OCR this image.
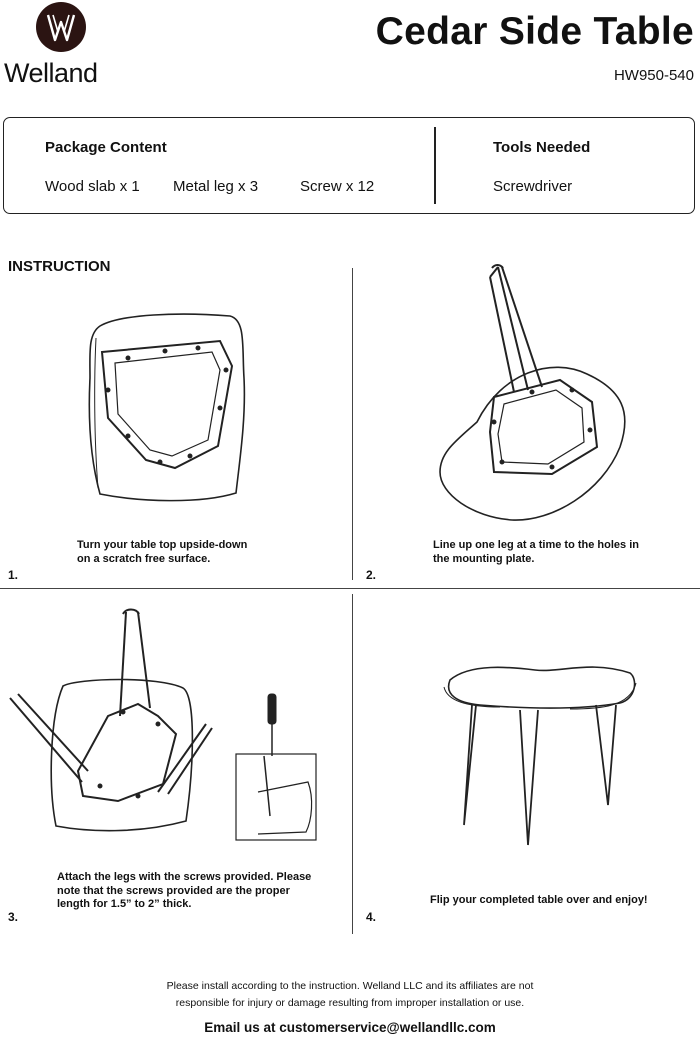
Welland
Cedar Side Table
HW950-540
Package Content
Wood slab x 1 Metal leg x 3	Screw x 12
Tools Needed
Screwdriver
INSTRUCTION
Turn your table top upside-down
on a scratch free surface.
1.
Line up one leg at a time to the holes in
the mounting plate.
2.
Attach the legs with the screws provided. Please
note that the screws provided are the proper
length for 1.5” to 2” thick.
3.
Flip your completed table over and enjoy!
4.
Please install according to the instruction. Welland LLC and its affiliates are not
responsible for injury or damage resulting from improper installation or use.
Email us at customerservice@wellandllc.com
